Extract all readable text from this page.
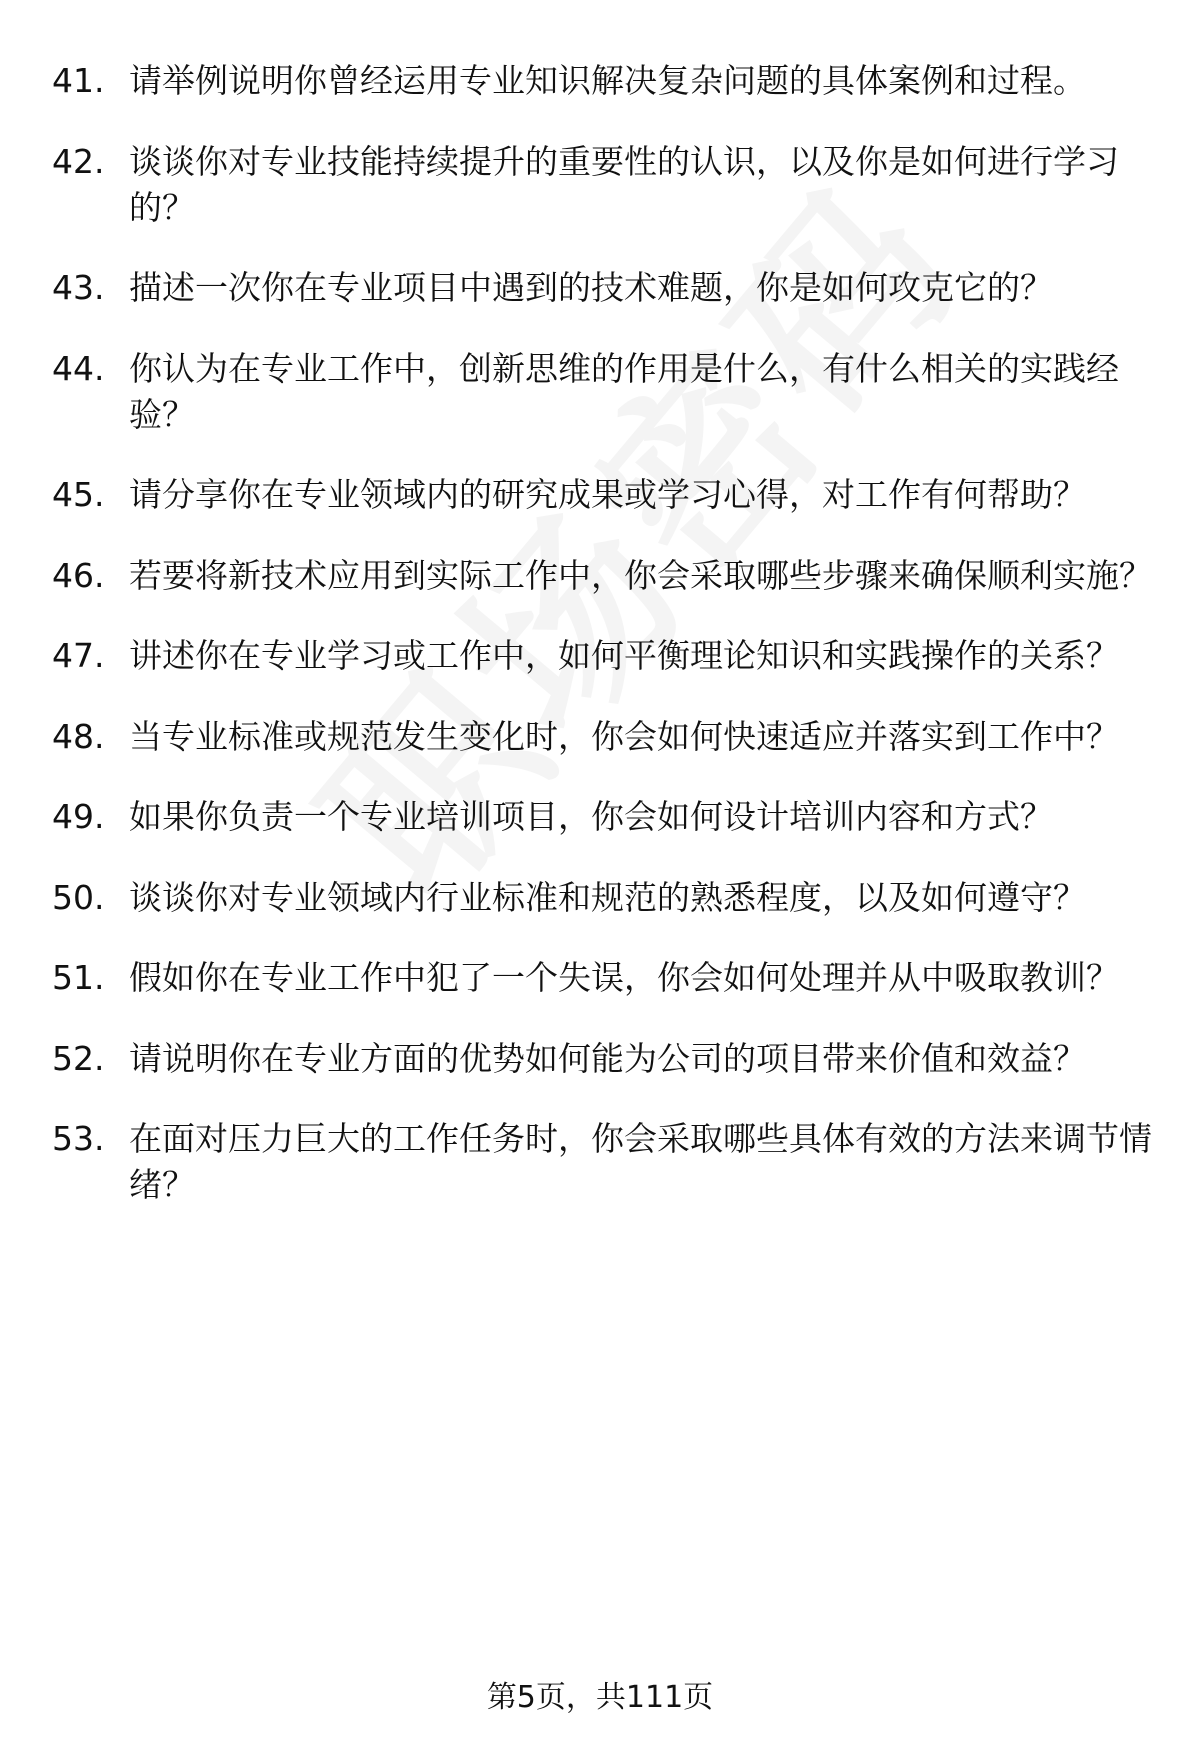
41. 请举例说明你曾经运用专业知识解决复杂问题的具体案例和过程。
42. 谈谈你对专业技能持续提升的重要性的认识，以及你是如何进行学习的？
43. 描述一次你在专业项目中遇到的技术难题，你是如何攻克它的？
44. 你认为在专业工作中，创新思维的作用是什么，有什么相关的实践经验？
45. 请分享你在专业领域内的研究成果或学习心得，对工作有何帮助？
46. 若要将新技术应用到实际工作中，你会采取哪些步骤来确保顺利实施？
47. 讲述你在专业学习或工作中，如何平衡理论知识和实践操作的关系？
48. 当专业标准或规范发生变化时，你会如何快速适应并落实到工作中？
49. 如果你负责一个专业培训项目，你会如何设计培训内容和方式？
50. 谈谈你对专业领域内行业标准和规范的熟悉程度，以及如何遵守？
51. 假如你在专业工作中犯了一个失误，你会如何处理并从中吸取教训？
52. 请说明你在专业方面的优势如何能为公司的项目带来价值和效益？
53. 在面对压力巨大的工作任务时，你会采取哪些具体有效的方法来调节情绪？
第5页，共111页
